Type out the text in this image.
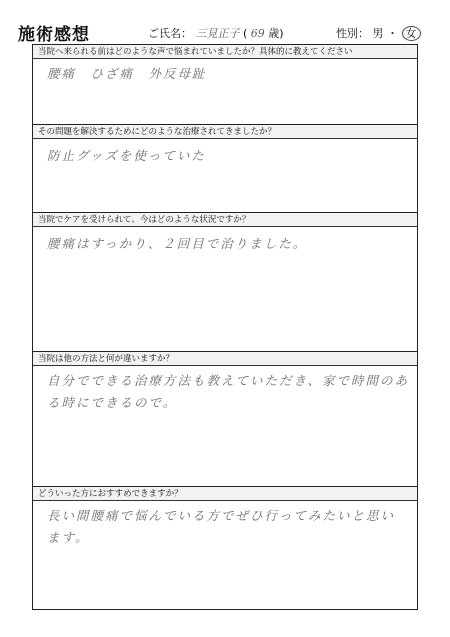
施術感想	ご氏名： 三見正子 ( 69 歳)	性別： 男 ・ 女
当院へ来られる前はどのような声で悩まれていましたか？具体的に教えてください
腰痛　ひざ痛　外反母趾
その問題を解決するためにどのような治療されてきましたか？
防止グッズを使っていた
当院でケアを受けられて、今はどのような状況ですか？
腰痛はすっかり、２回目で治りました。
当院は他の方法と何が違いますか？
自分でできる治療方法も教えていただき、家で時間のある時にできるので。
どういった方におすすめできますか？
長い間腰痛で悩んでいる方でぜひ行ってみたいと思います。
